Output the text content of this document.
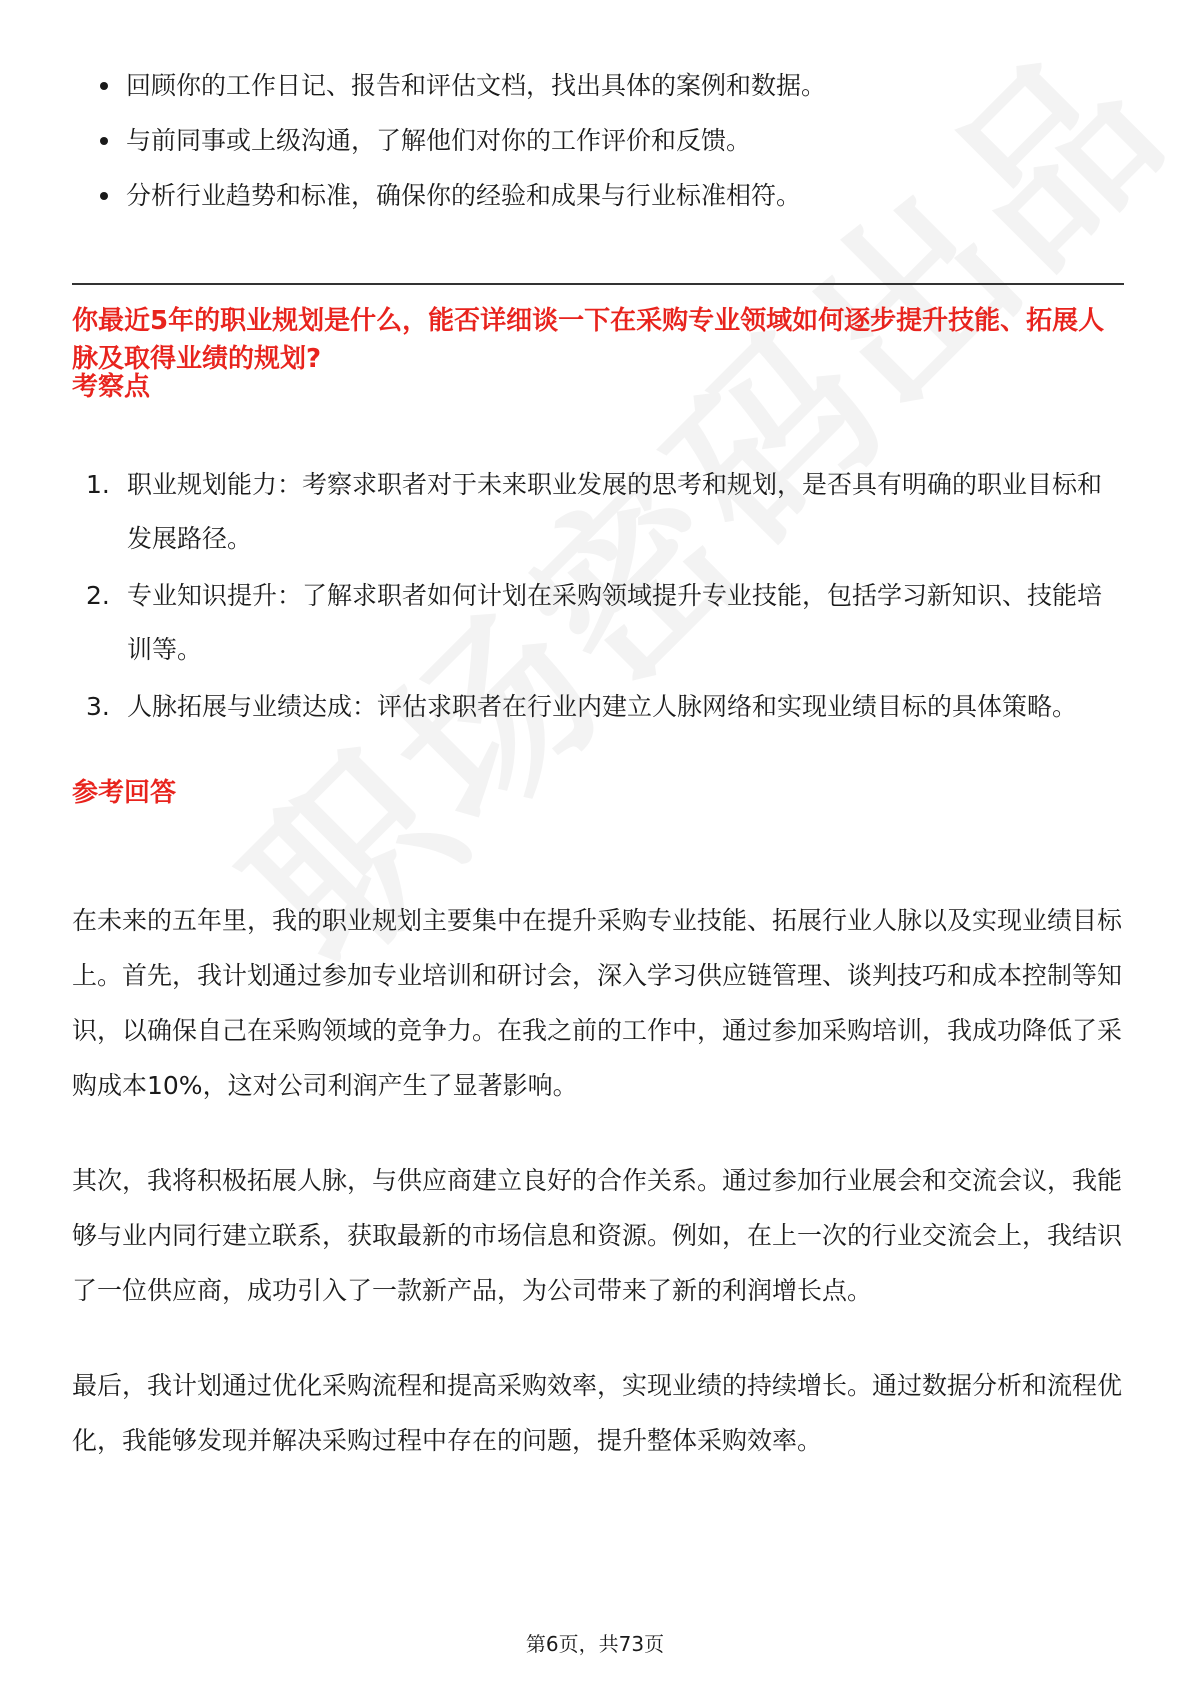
回顾你的工作日记、报告和评估文档，找出具体的案例和数据。
与前同事或上级沟通，了解他们对你的工作评价和反馈。
分析行业趋势和标准，确保你的经验和成果与行业标准相符。
你最近5年的职业规划是什么，能否详细谈一下在采购专业领域如何逐步提升技能、拓展人脉及取得业绩的规划?
考察点
1. 职业规划能力：考察求职者对于未来职业发展的思考和规划，是否具有明确的职业目标和发展路径。
2. 专业知识提升：了解求职者如何计划在采购领域提升专业技能，包括学习新知识、技能培训等。
3. 人脉拓展与业绩达成：评估求职者在行业内建立人脉网络和实现业绩目标的具体策略。
参考回答

在未来的五年里，我的职业规划主要集中在提升采购专业技能、拓展行业人脉以及实现业绩目标上。首先，我计划通过参加专业培训和研讨会，深入学习供应链管理、谈判技巧和成本控制等知识，以确保自己在采购领域的竞争力。在我之前的工作中，通过参加采购培训，我成功降低了采购成本10%，这对公司利润产生了显著影响。

其次，我将积极拓展人脉，与供应商建立良好的合作关系。通过参加行业展会和交流会议，我能够与业内同行建立联系，获取最新的市场信息和资源。例如，在上一次的行业交流会上，我结识了一位供应商，成功引入了一款新产品，为公司带来了新的利润增长点。

最后，我计划通过优化采购流程和提高采购效率，实现业绩的持续增长。通过数据分析和流程优化，我能够发现并解决采购过程中存在的问题，提升整体采购效率。

第6页，共73页
